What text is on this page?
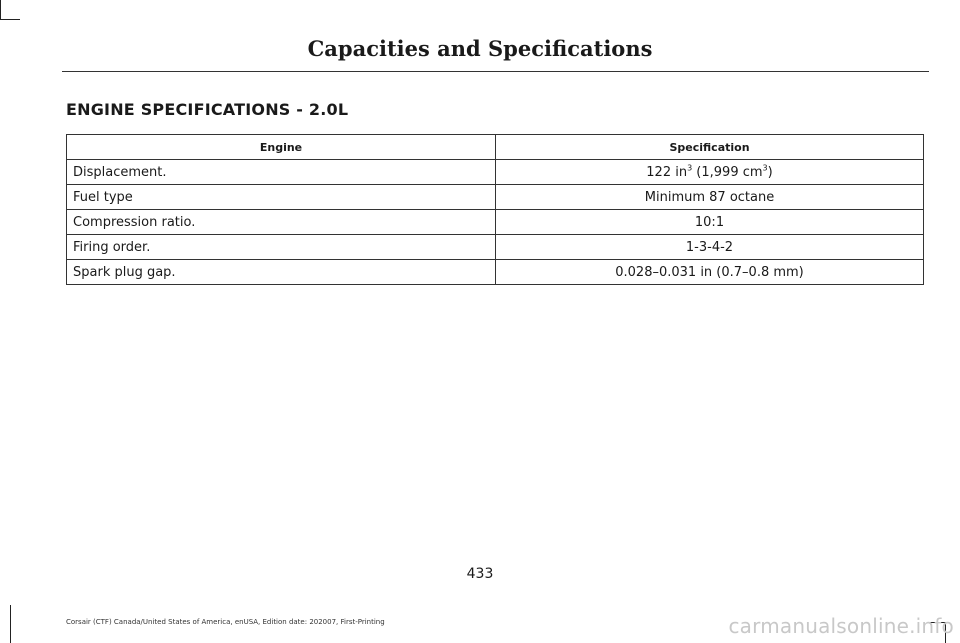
Capacities and Specifications
ENGINE SPECIFICATIONS - 2.0L
Engine	Specification
Displacement.	122 $in^3$ (1,999 $cm^3$)
Fuel type	Minimum 87 octane
Compression ratio.	10:1
Firing order.	1-3-4-2
Spark plug gap.	0.028–0.031 in (0.7–0.8 mm)
433
Corsair (CTF) Canada/United States of America, enUSA, Edition date: 202007, First-Printing	carmanualsonline.info
